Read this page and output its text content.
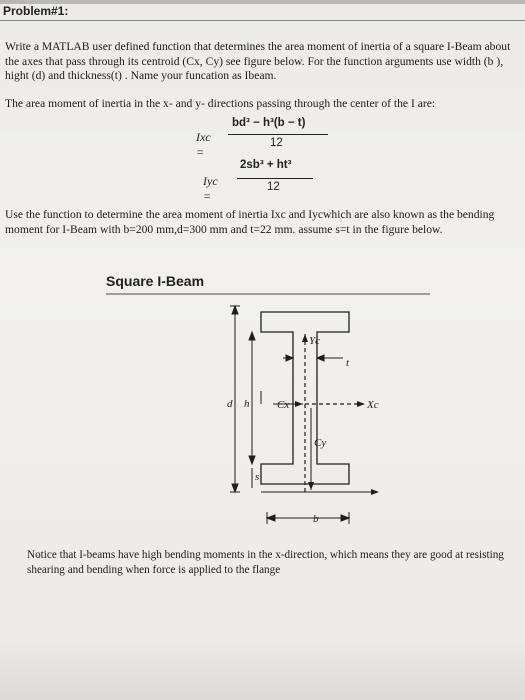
Problem#1:

Write a MATLAB user defined function that determines the area moment of inertia of a square I-Beam about the axes that pass through its centroid (Cx, Cy) see figure below. For the function arguments use width (b ), hight (d) and thickness(t) . Name your funcation as Ibeam.

The area moment of inertia in the x- and y- directions passing through the center of the I are:

Ixc =
bd³ − h³(b − t)
12
Iyc =
2sb³ + ht³
12

Use the function to determine the area moment of inertia Ixc and Iycwhich are also known as the bending moment for I-Beam with b=200 mm,d=300 mm and t=22 mm. assume s=t in the figure below.

Square I-Beam
d h	Cx
Cy
Xc
Yc
t
s
b

Notice that I-beams have high bending moments in the x-direction, which means they are good at resisting shearing and bending when force is applied to the flange
